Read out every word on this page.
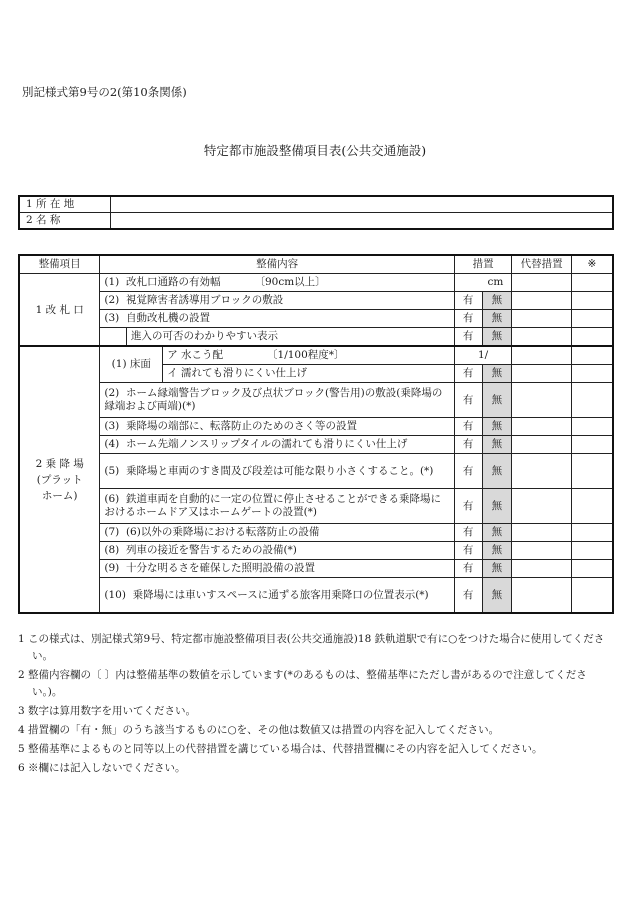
別記様式第9号の2(第10条関係)
特定都市施設整備項目表(公共交通施設)
1 所 在 地	
2 名 称	
整備項目	整備内容			措置		代替措置	※
1 改 札 口	(1) 改札口通路の有効幅 〔90cm以上〕			cm			
	(2) 視覚障害者誘導用ブロックの敷設			有	無		
	(3) 自動改札機の設置			有	無		
		進入の可否のわかりやすい表示		有	無		
2 乗 降 場
(プラット
ホーム)	(1) 床面		ア 水こう配 〔1/100程度*〕	1/			
			イ 濡れても滑りにくい仕上げ	有	無		
	(2) ホーム縁端警告ブロック及び点状ブロック(警告用)の敷設(乗降場の縁端および両端)(*)			有	無		
	(3) 乗降場の端部に、転落防止のためのさく等の設置			有	無		
	(4) ホーム先端ノンスリップタイルの濡れても滑りにくい仕上げ			有	無		
	(5) 乗降場と車両のすき間及び段差は可能な限り小さくすること。(*)			有	無		
	(6) 鉄道車両を自動的に一定の位置に停止させることができる乗降場におけるホームドア又はホームゲートの設置(*)			有	無		
	(7) (6)以外の乗降場における転落防止の設備			有	無		
	(8) 列車の接近を警告するための設備(*)			有	無		
	(9) 十分な明るさを確保した照明設備の設置			有	無		
	(10) 乗降場には車いすスペースに通ずる旅客用乗降口の位置表示(*)			有	無		

1 この様式は、別記様式第9号、特定都市施設整備項目表(公共交通施設)18 鉄軌道駅で有に○をつけた場合に使用してください。

2 整備内容欄の〔 〕内は整備基準の数値を示しています(*のあるものは、整備基準にただし書があるので注意してください。)。

3 数字は算用数字を用いてください。

4 措置欄の「有・無」のうち該当するものに○を、その他は数値又は措置の内容を記入してください。

5 整備基準によるものと同等以上の代替措置を講じている場合は、代替措置欄にその内容を記入してください。

6 ※欄には記入しないでください。
